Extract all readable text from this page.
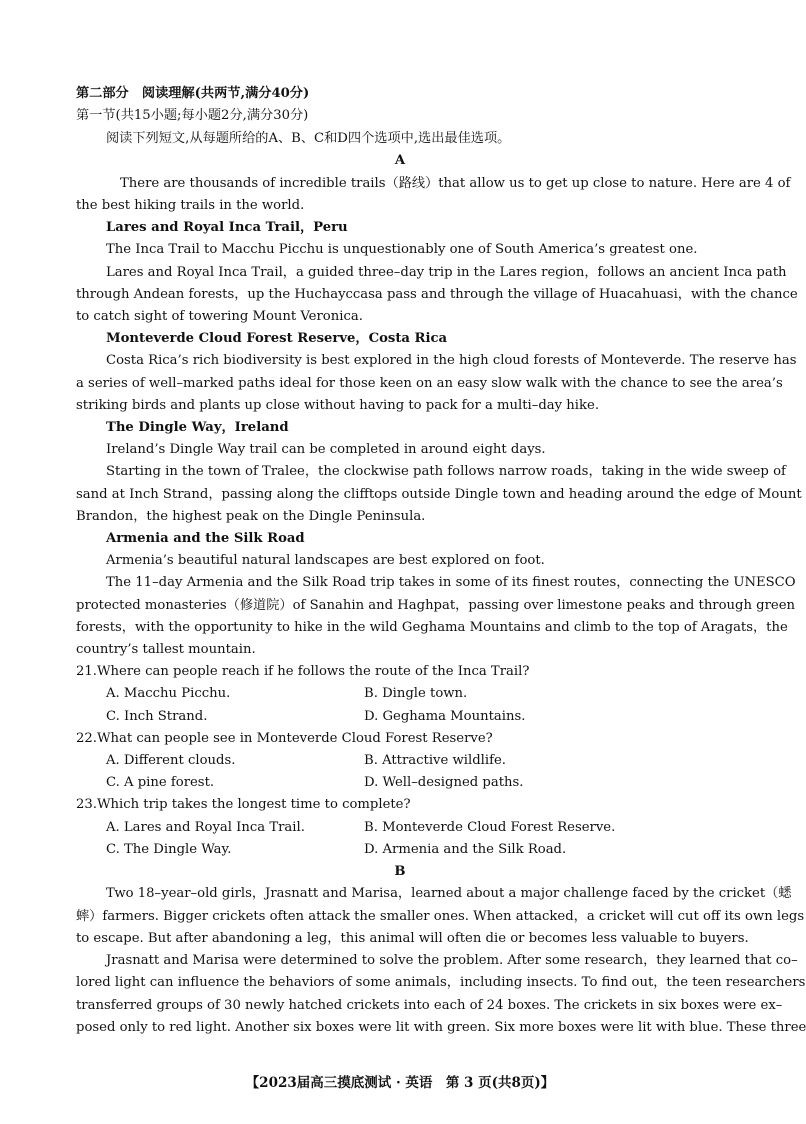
第二部分　阅读理解(共两节,满分40分)
第一节(共15小题;每小题2分,满分30分)
阅读下列短文,从每题所给的A、B、C和D四个选项中,选出最佳选项。
A
There are thousands of incredible trails（路线）that allow us to get up close to nature. Here are 4 of
the best hiking trails in the world.
Lares and Royal Inca Trail，Peru
The Inca Trail to Macchu Picchu is unquestionably one of South America’s greatest one.
Lares and Royal Inca Trail，a guided three–day trip in the Lares region，follows an ancient Inca path
through Andean forests，up the Huchayccasa pass and through the village of Huacahuasi，with the chance
to catch sight of towering Mount Veronica.
Monteverde Cloud Forest Reserve，Costa Rica
Costa Rica’s rich biodiversity is best explored in the high cloud forests of Monteverde. The reserve has
a series of well–marked paths ideal for those keen on an easy slow walk with the chance to see the area’s
striking birds and plants up close without having to pack for a multi–day hike.
The Dingle Way，Ireland
Ireland’s Dingle Way trail can be completed in around eight days.
Starting in the town of Tralee，the clockwise path follows narrow roads，taking in the wide sweep of
sand at Inch Strand，passing along the clifftops outside Dingle town and heading around the edge of Mount
Brandon，the highest peak on the Dingle Peninsula.
Armenia and the Silk Road
Armenia’s beautiful natural landscapes are best explored on foot.
The 11–day Armenia and the Silk Road trip takes in some of its finest routes，connecting the UNESCO
protected monasteries（修道院）of Sanahin and Haghpat，passing over limestone peaks and through green
forests，with the opportunity to hike in the wild Geghama Mountains and climb to the top of Aragats，the
country’s tallest mountain.
21.Where can people reach if he follows the route of the Inca Trail?
A. Macchu Picchu.	B. Dingle town.
C. Inch Strand.	D. Geghama Mountains.
22.What can people see in Monteverde Cloud Forest Reserve?
A. Different clouds.	B. Attractive wildlife.
C. A pine forest.	D. Well–designed paths.
23.Which trip takes the longest time to complete?
A. Lares and Royal Inca Trail.	B. Monteverde Cloud Forest Reserve.
C. The Dingle Way.	D. Armenia and the Silk Road.
B
Two 18–year–old girls，Jrasnatt and Marisa，learned about a major challenge faced by the cricket（蟋
蟀）farmers. Bigger crickets often attack the smaller ones. When attacked，a cricket will cut off its own legs
to escape. But after abandoning a leg，this animal will often die or becomes less valuable to buyers.
Jrasnatt and Marisa were determined to solve the problem. After some research，they learned that co–
lored light can influence the behaviors of some animals，including insects. To find out，the teen researchers
transferred groups of 30 newly hatched crickets into each of 24 boxes. The crickets in six boxes were ex–
posed only to red light. Another six boxes were lit with green. Six more boxes were lit with blue. These three
【2023届高三摸底测试 · 英语　第 3 页(共8页)】
